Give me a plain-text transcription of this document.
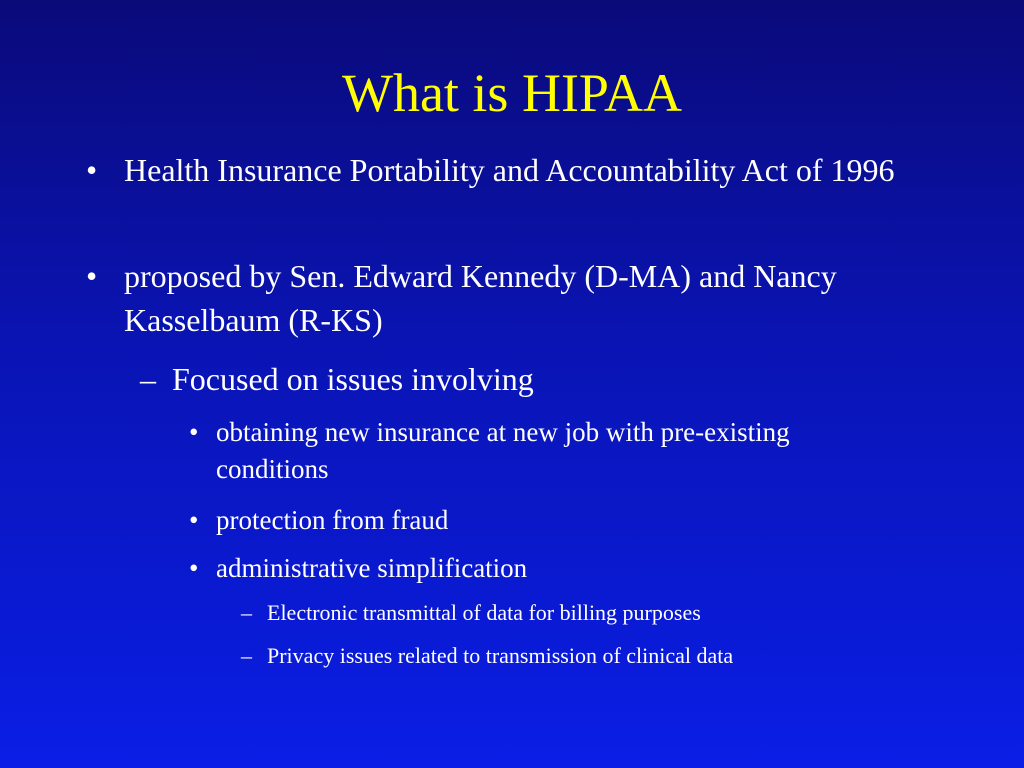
What is HIPAA
• Health Insurance Portability and Accountability Act of 1996
• proposed by Sen. Edward Kennedy (D-MA) and Nancy Kasselbaum (R-KS)
– Focused on issues involving
• obtaining new insurance at new job with pre-existing conditions
• protection from fraud
• administrative simplification
– Electronic transmittal of data for billing purposes
– Privacy issues related to transmission of clinical data
